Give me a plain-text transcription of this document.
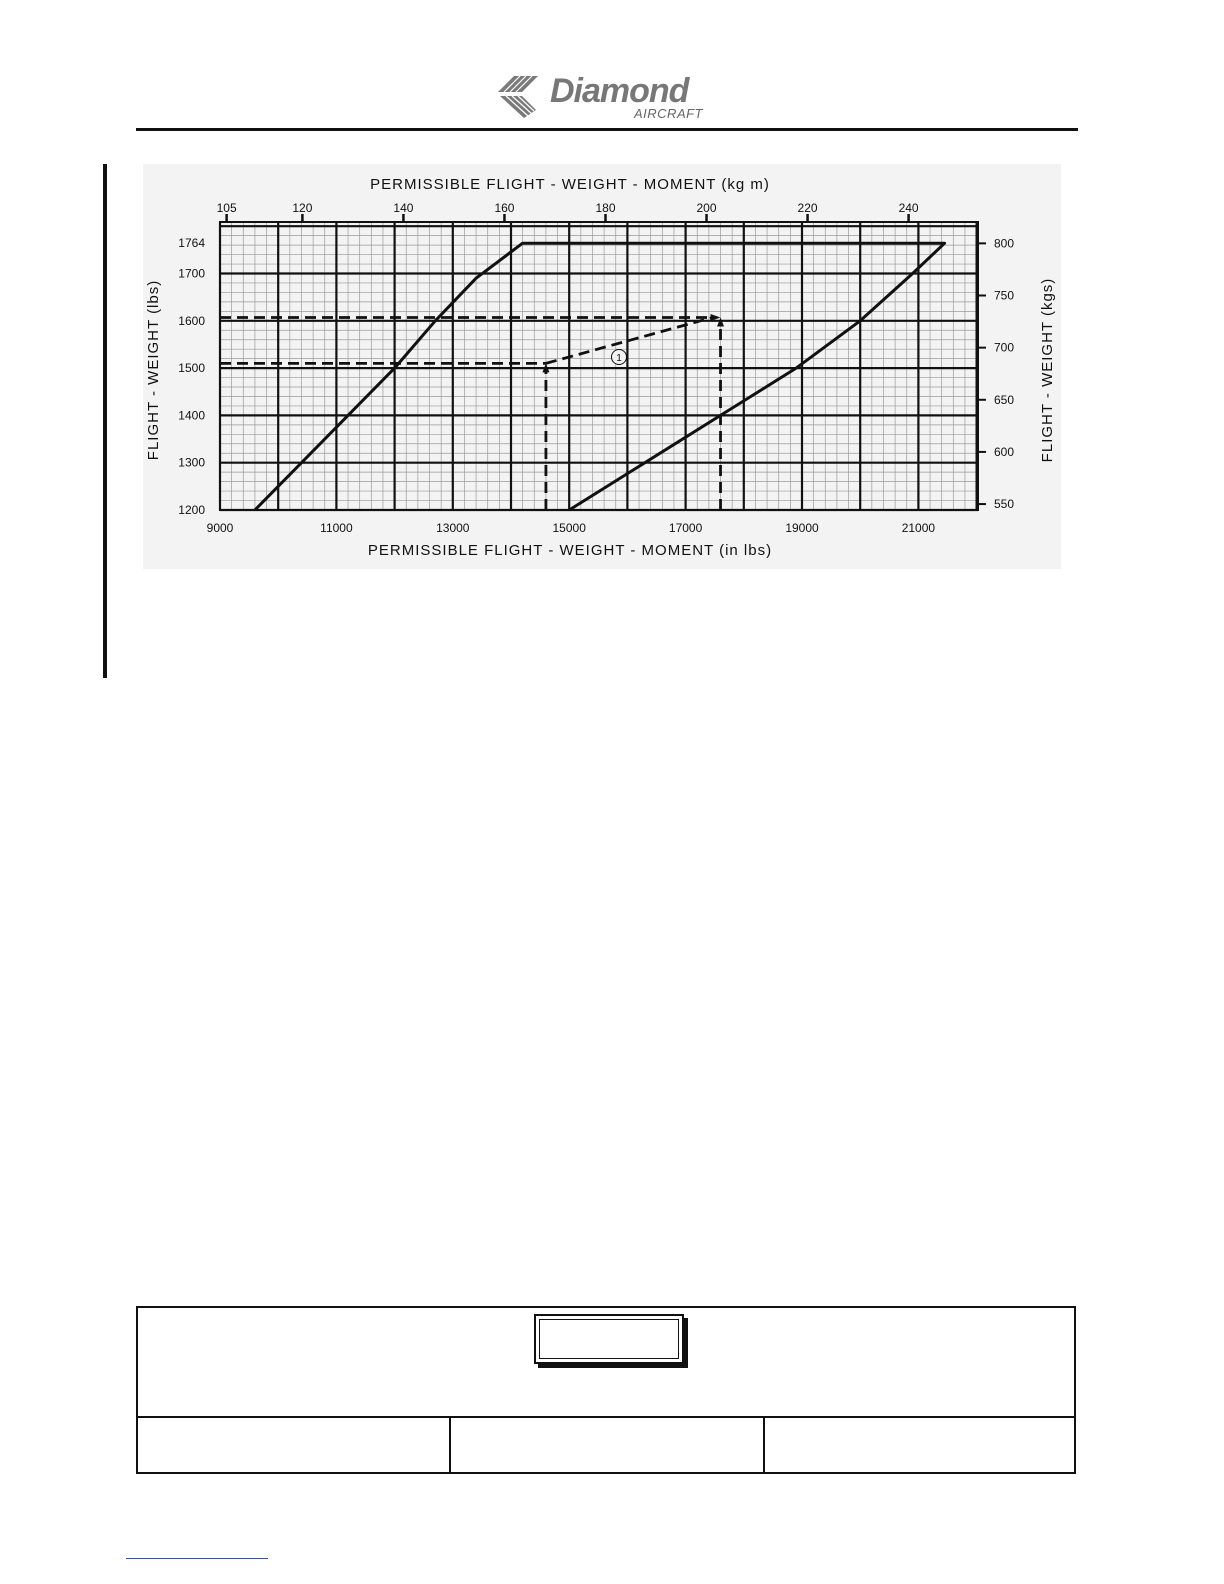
Diamond
AIRCRAFT
1
PERMISSIBLE FLIGHT - WEIGHT - MOMENT (kg m)
PERMISSIBLE FLIGHT - WEIGHT - MOMENT (in lbs)
FLIGHT - WEIGHT (lbs)	FLIGHT - WEIGHT (kgs)
9000	11000	13000	15000	17000	19000	21000
105	120	140	160	180	200	220	240
1200
1300
1400
1500
1600
1700
1764
550
600
650
700
750
800
